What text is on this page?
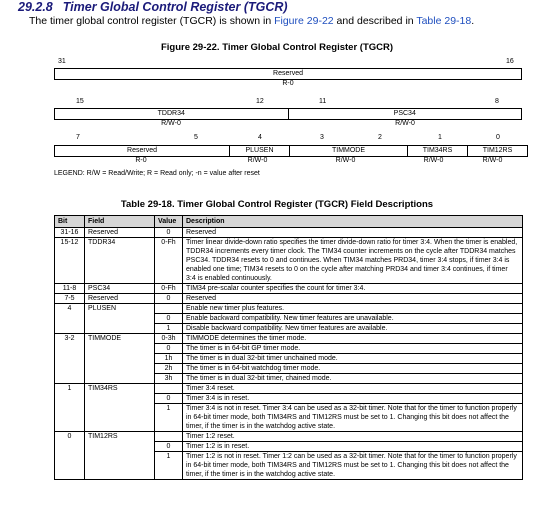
29.2.8 Timer Global Control Register (TGCR)
The timer global control register (TGCR) is shown in Figure 29-22 and described in Table 29-18.
Figure 29-22. Timer Global Control Register (TGCR)
31	16
Reserved
R-0
15	12	11	8
TDDR34	PSC34
R/W-0	R/W-0
7	5	4	3	2	1	0
Reserved	PLUSEN	TIMMODE	TIM34RS	TIM12RS
R-0	R/W-0	R/W-0	R/W-0	R/W-0
LEGEND: R/W = Read/Write; R = Read only; -n = value after reset
Table 29-18. Timer Global Control Register (TGCR) Field Descriptions
Bit	Field	Value	Description
31-16	Reserved	0	Reserved
15-12	TDDR34	0-Fh	Timer linear divide-down ratio specifies the timer divide-down ratio for timer 3:4. When the timer is enabled, TDDR34 increments every timer clock. The TIM34 counter increments on the cycle after TDDR34 matches PSC34. TDDR34 resets to 0 and continues. When TIM34 matches PRD34, timer 3:4 stops, if timer 3:4 is enabled one time; TIM34 resets to 0 on the cycle after matching PRD34 and timer 3:4 continues, if timer 3:4 is enabled continuously.
11-8	PSC34	0-Fh	TIM34 pre-scalar counter specifies the count for timer 3:4.
7-5	Reserved	0	Reserved
4	PLUSEN		Enable new timer plus features.
		0	Enable backward compatibility. New timer features are unavailable.
		1	Disable backward compatibility. New timer features are available.
3-2	TIMMODE	0-3h	TIMMODE determines the timer mode.
		0	The timer is in 64-bit GP timer mode.
		1h	The timer is in dual 32-bit timer unchained mode.
		2h	The timer is in 64-bit watchdog timer mode.
		3h	The timer is in dual 32-bit timer, chained mode.
1	TIM34RS		Timer 3:4 reset.
		0	Timer 3:4 is in reset.
		1	Timer 3:4 is not in reset. Timer 3:4 can be used as a 32-bit timer. Note that for the timer to function properly in 64-bit timer mode, both TIM34RS and TIM12RS must be set to 1. Changing this bit does not affect the timer, if the timer is in the watchdog active state.
0	TIM12RS		Timer 1:2 reset.
		0	Timer 1:2 is in reset.
		1	Timer 1:2 is not in reset. Timer 1:2 can be used as a 32-bit timer. Note that for the timer to function properly in 64-bit timer mode, both TIM34RS and TIM12RS must be set to 1. Changing this bit does not affect the timer, if the timer is in the watchdog active state.
